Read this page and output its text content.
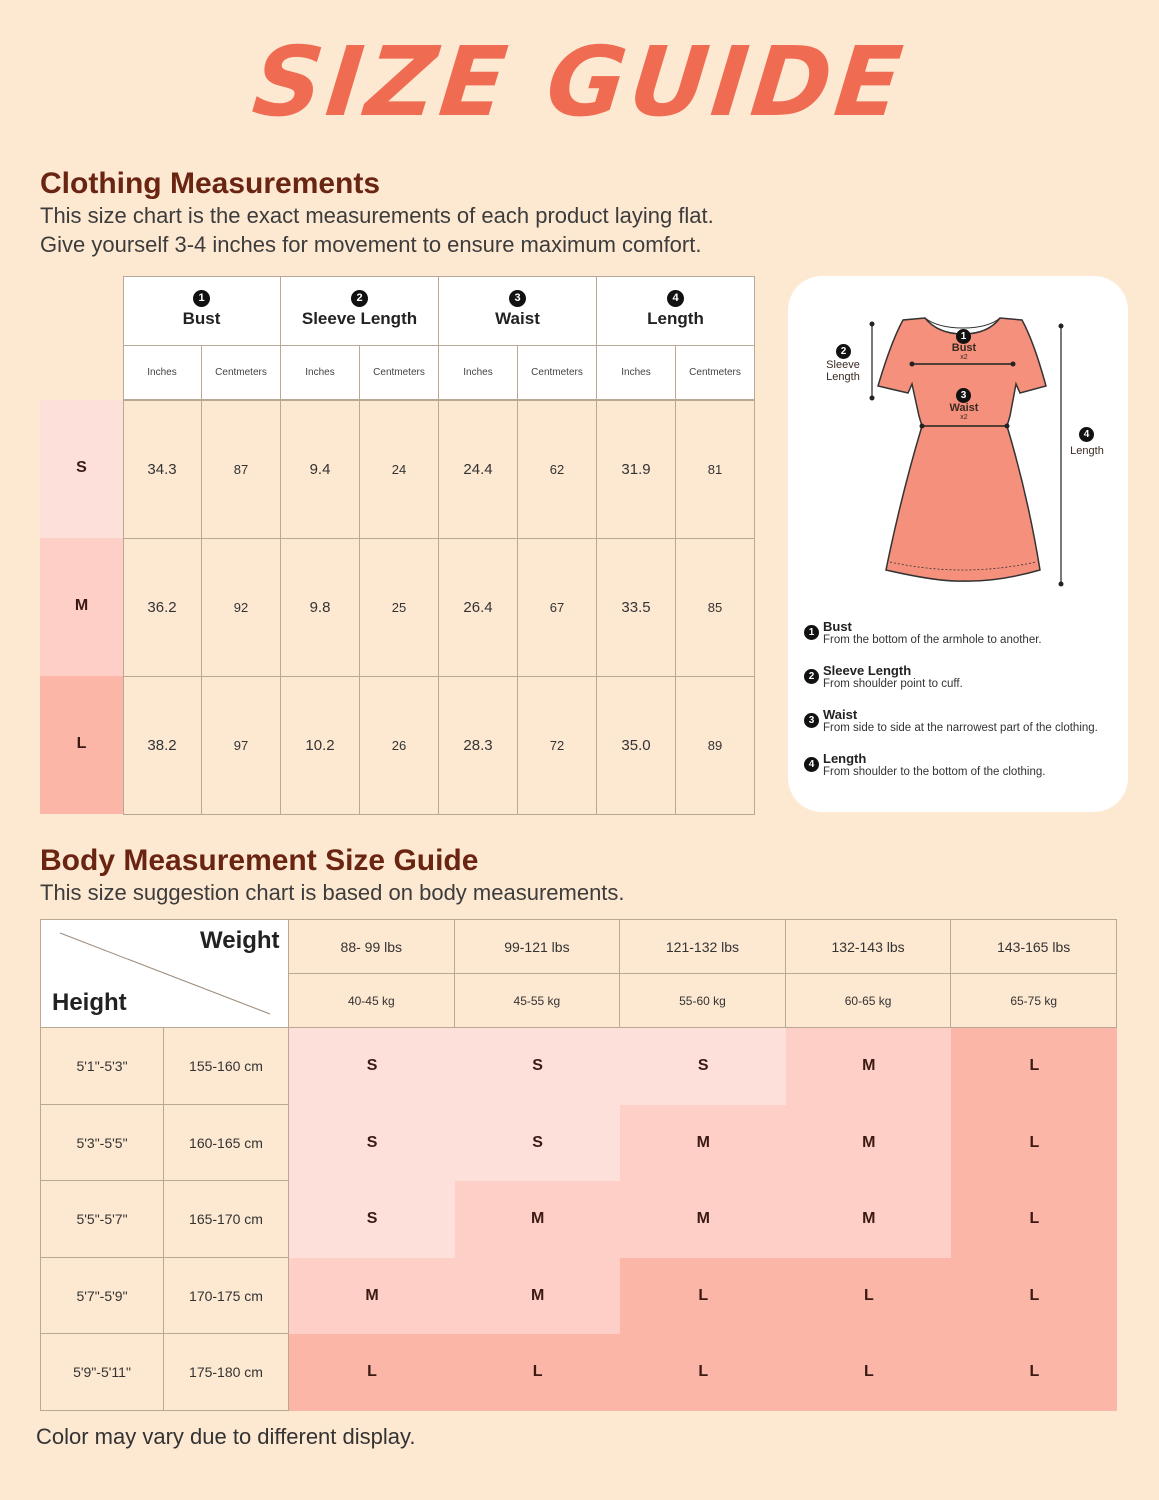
SIZE GUIDE
Clothing Measurements
This size chart is the exact measurements of each product laying flat.
Give yourself 3-4 inches for movement to ensure maximum comfort.
1
Bust
Inches	Centmeters
2
Sleeve Length
Inches	Centmeters
3
Waist
Inches	Centmeters
4
Length
Inches	Centmeters
S	34.3	87	9.4	24	24.4	62	31.9	81
M	36.2	92	9.8	25	26.4	67	33.5	85
L	38.2	97	10.2	26	28.3	72	35.0	89
1
Bust
x2
3
Waist
x2
2
Sleeve
Length
4
Length
1 Bust
From the bottom of the armhole to another.
2 Sleeve Length
From shoulder point to cuff.
3 Waist
From side to side at the narrowest part of the clothing.
4 Length
From shoulder to the bottom of the clothing.
Body Measurement Size Guide
This size suggestion chart is based on body measurements.
Weight
Height
88- 99 lbs	99-121 lbs	121-132 lbs	132-143 lbs	143-165 lbs
40-45 kg	45-55 kg	55-60 kg	60-65 kg	65-75 kg
5'1"-5'3"	155-160 cm	S	S	S	M	L
5'3"-5'5"	160-165 cm	S	S	M	M	L
5'5"-5'7"	165-170 cm	S	M	M	M	L
5'7"-5'9"	170-175 cm	M	M	L	L	L
5'9"-5'11"	175-180 cm	L	L	L	L	L
Color may vary due to different display.
